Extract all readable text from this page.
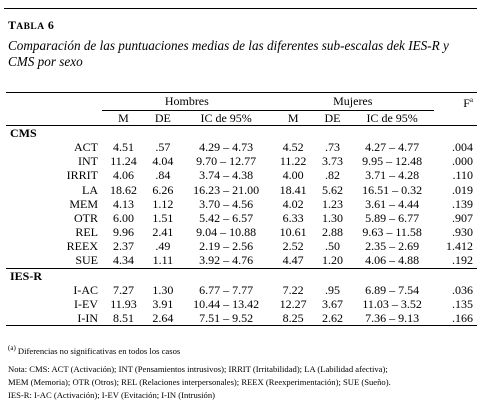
TABLA 6
Comparación de las puntuaciones medias de las diferentes sub-escalas dek IES-R y CMS por sexo
	Hombres			Mujeres			$F^a$
	M	DE	IC de 95%	M	DE	IC de 95%	
CMS							
ACT	4.51	.57	4.29 – 4.73	4.52	.73	4.27 – 4.77	.004
INT	11.24	4.04	9.70 – 12.77	11.22	3.73	9.95 – 12.48	.000
IRRIT	4.06	.84	3.74 – 4.38	4.00	.82	3.71 – 4.28	.110
LA	18.62	6.26	16.23 – 21.00	18.41	5.62	16.51 – 0.32	.019
MEM	4.13	1.12	3.70 – 4.56	4.02	1.23	3.61 – 4.44	.139
OTR	6.00	1.51	5.42 – 6.57	6.33	1.30	5.89 – 6.77	.907
REL	9.96	2.41	9.04 – 10.88	10.61	2.88	9.63 – 11.58	.930
REEX	2.37	.49	2.19 – 2.56	2.52	.50	2.35 – 2.69	1.412
SUE	4.34	1.11	3.92 – 4.76	4.47	1.20	4.06 – 4.88	.192
IES-R							
I-AC	7.27	1.30	6.77 – 7.77	7.22	.95	6.89 – 7.54	.036
I-EV	11.93	3.91	10.44 – 13.42	12.27	3.67	11.03 – 3.52	.135
I-IN	8.51	2.64	7.51 – 9.52	8.25	2.62	7.36 – 9.13	.166
$^{(a)}$ Diferencias no significativas en todos los casos
Nota: CMS: ACT (Activación); INT (Pensamientos intrusivos); IRRIT (Irritabilidad); LA (Labilidad afectiva);
MEM (Memoria); OTR (Otros); REL (Relaciones interpersonales); REEX (Reexperimentación); SUE (Sueño).
IES-R: I-AC (Activación); I-EV (Evitación; I-IN (Intrusión)
